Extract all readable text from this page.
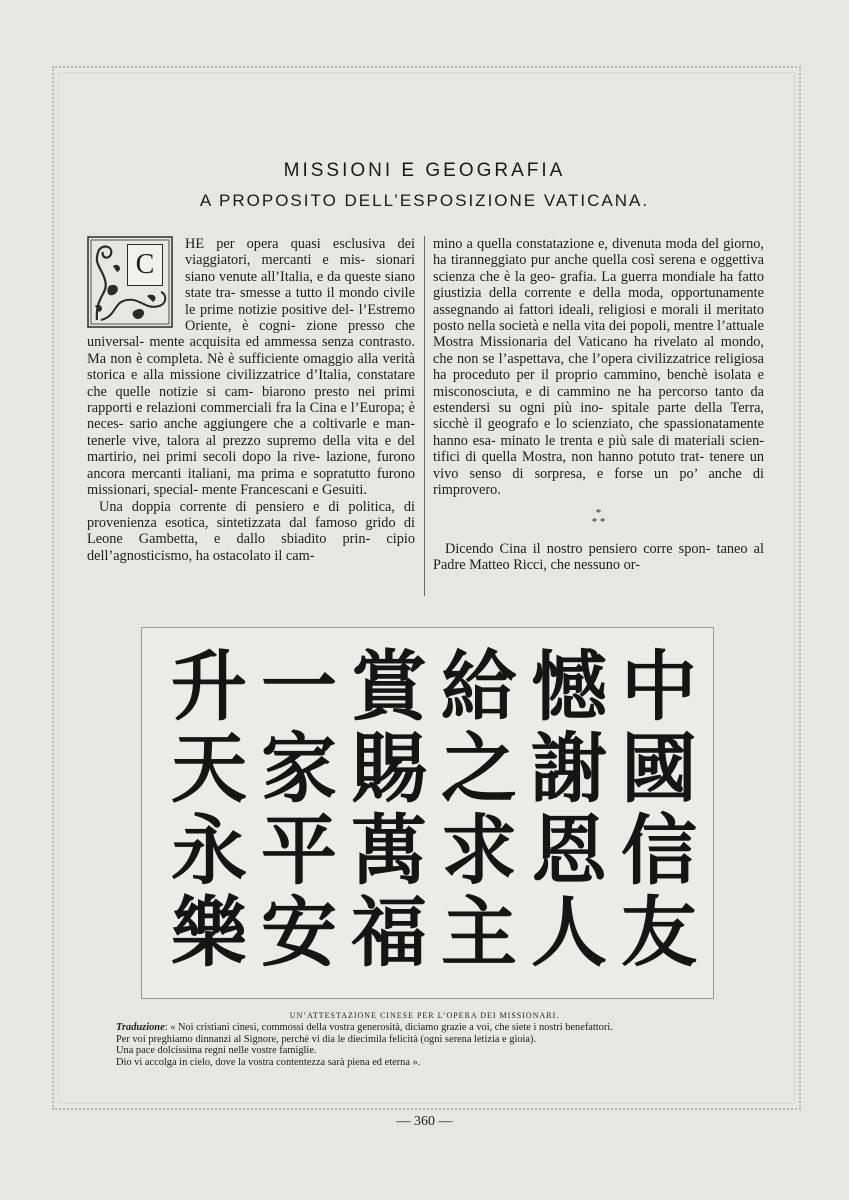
MISSIONI E GEOGRAFIA
A PROPOSITO DELL’ESPOSIZIONE VATICANA.
C

HE per opera quasi esclusiva dei viaggiatori, mercanti e mis- sionari siano venute all’Italia, e da queste siano state tra- smesse a tutto il mondo civile le prime notizie positive del- l’Estremo Oriente, è cogni- zione presso che universal- mente acquisita ed ammessa senza contrasto. Ma non è completa. Nè è sufficiente omaggio alla verità storica e alla missione civilizzatrice d’Italia, constatare che quelle notizie si cam- biarono presto nei primi rapporti e relazioni commerciali fra la Cina e l’Europa; è neces- sario anche aggiungere che a coltivarle e man- tenerle vive, talora al prezzo supremo della vita e del martirio, nei primi secoli dopo la rive- lazione, furono ancora mercanti italiani, ma prima e sopratutto furono missionari, special- mente Francescani e Gesuiti.

Una doppia corrente di pensiero e di politica, di provenienza esotica, sintetizzata dal famoso grido di Leone Gambetta, e dallo sbiadito prin- cipio dell’agnosticismo, ha ostacolato il cam-

mino a quella constatazione e, divenuta moda del giorno, ha tiranneggiato pur anche quella così serena e oggettiva scienza che è la geo- grafia. La guerra mondiale ha fatto giustizia della corrente e della moda, opportunamente assegnando ai fattori ideali, religiosi e morali il meritato posto nella società e nella vita dei popoli, mentre l’attuale Mostra Missionaria del Vaticano ha rivelato al mondo, che non se l’aspettava, che l’opera civilizzatrice religiosa ha proceduto per il proprio cammino, benchè isolata e misconosciuta, e di cammino ne ha percorso tanto da estendersi su ogni più ino- spitale parte della Terra, sicchè il geografo e lo scienziato, che spassionatamente hanno esa- minato le trenta e più sale di materiali scien- tifici di quella Mostra, non hanno potuto trat- tenere un vivo senso di sorpresa, e forse un po’ anche di rimprovero.

*
* *

Dicendo Cina il nostro pensiero corre spon- taneo al Padre Matteo Ricci, che nessuno or-

中國信友
憾謝恩人
給之求主
賞賜萬福
一家平安
升天永樂
UN’ATTESTAZIONE CINESE PER L’OPERA DEI MISSIONARI.
Traduzione: « Noi cristiani cinesi, commossi della vostra generosità, diciamo grazie a voi, che siete i nostri benefattori.
Per voi preghiamo dinnanzi al Signore, perchè vi dia le diecimila felicità (ogni serena letizia e gioia).
Una pace dolcissima regni nelle vostre famiglie.
Dio vi accolga in cielo, dove la vostra contentezza sarà piena ed eterna ».
— 360 —
